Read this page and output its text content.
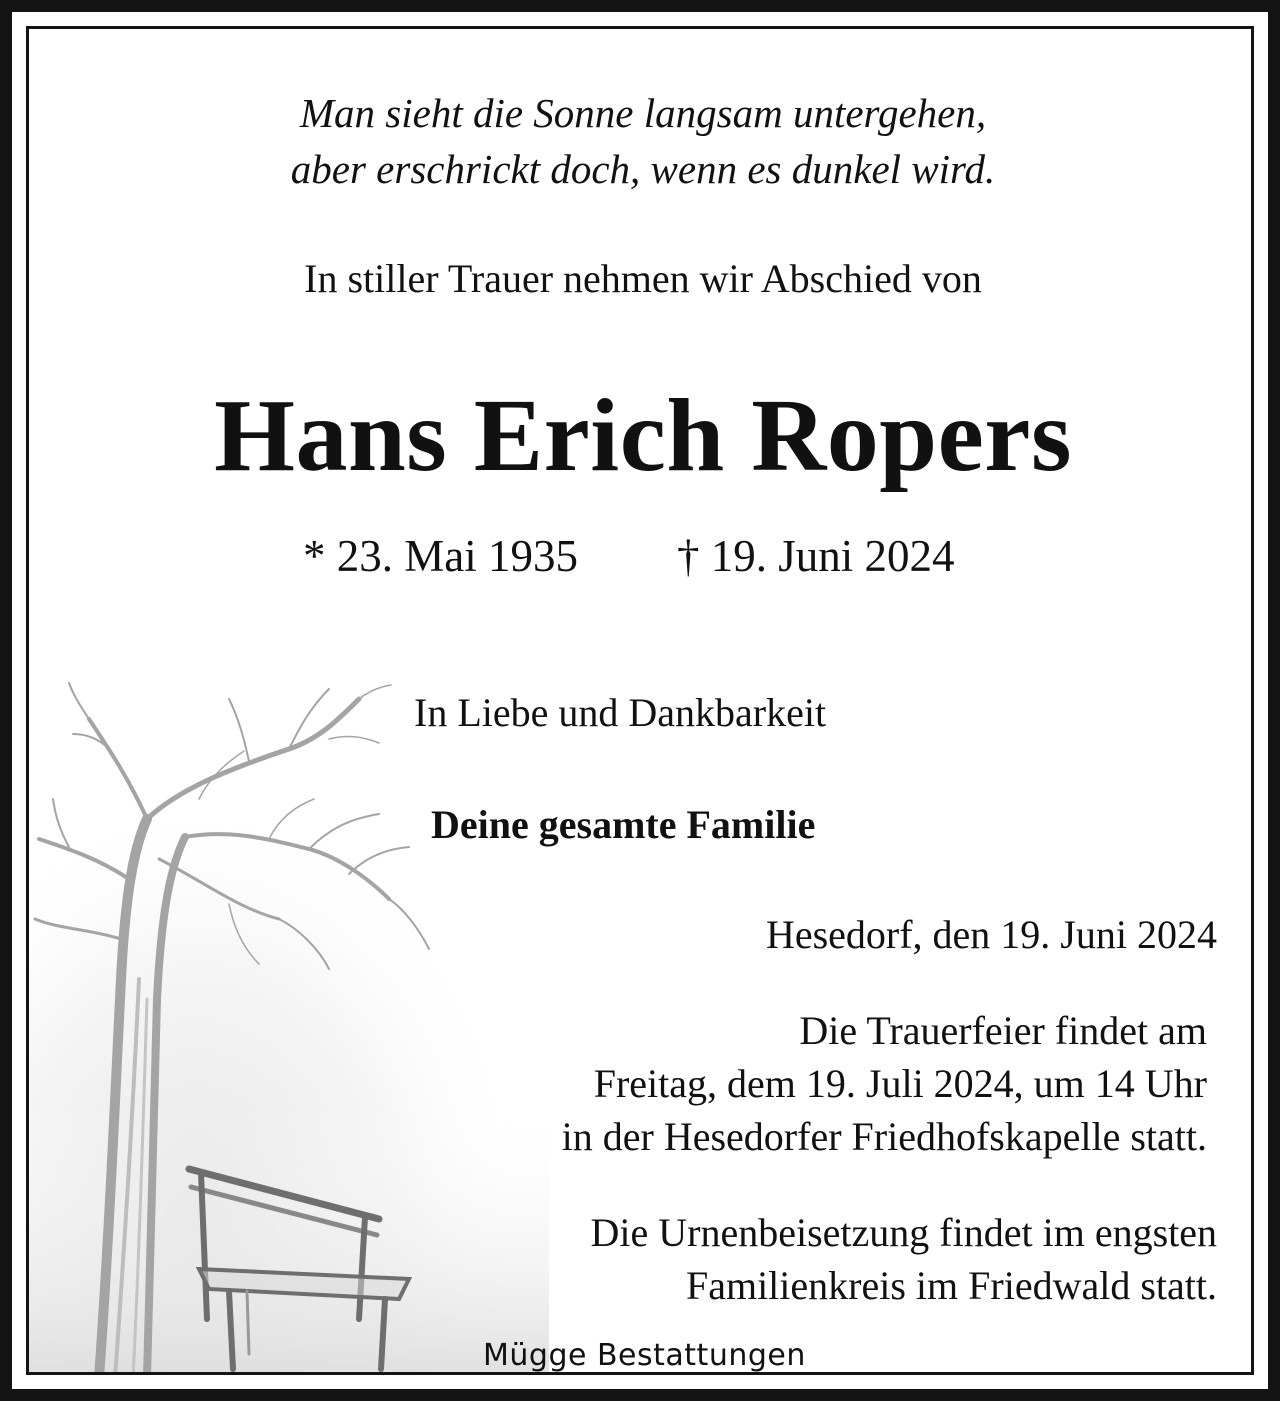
Man sieht die Sonne langsam untergehen,

aber erschrickt doch, wenn es dunkel wird.

In stiller Trauer nehmen wir Abschied von

Hans Erich Ropers
* 23. Mai 1935 † 19. Juni 2024

In Liebe und Dankbarkeit

Deine gesamte Familie

Hesedorf, den 19. Juni 2024

Die Trauerfeier findet am

Freitag, dem 19. Juli 2024, um 14 Uhr

in der Hesedorfer Friedhofskapelle statt.

Die Urnenbeisetzung findet im engsten

Familienkreis im Friedwald statt.

Mügge Bestattungen
